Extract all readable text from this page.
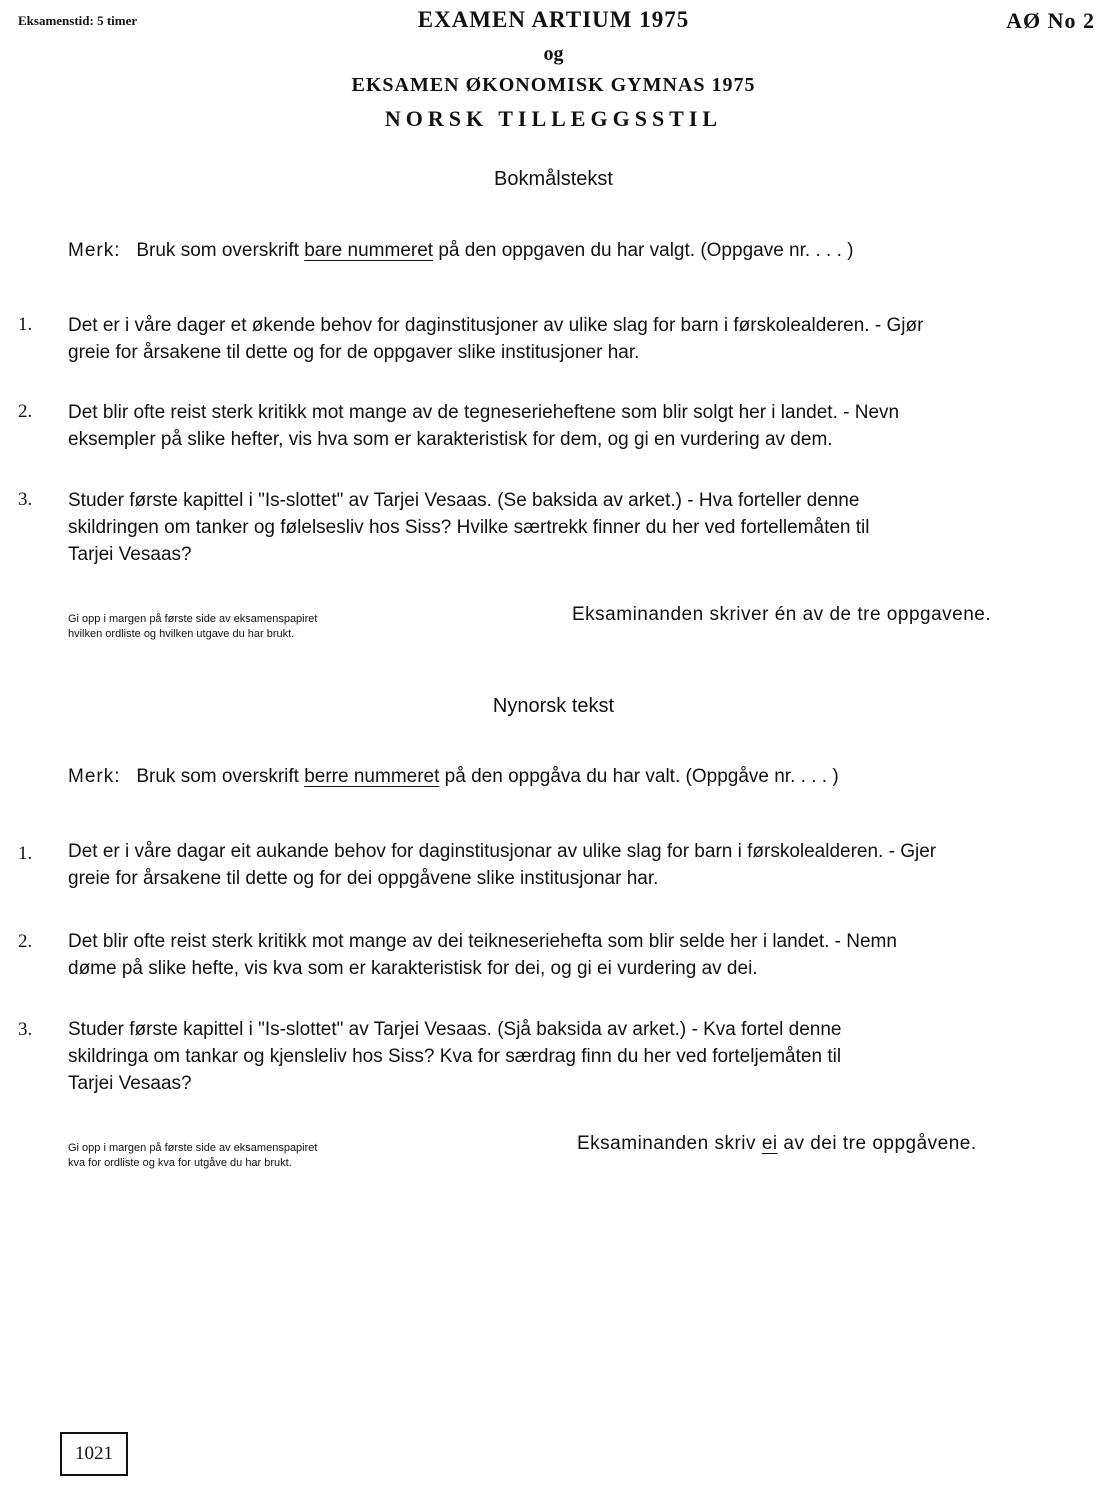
Eksamenstid: 5 timer	AØ No 2
EXAMEN ARTIUM 1975
og
EKSAMEN ØKONOMISK GYMNAS 1975
NORSK TILLEGGSSTIL
Bokmålstekst
Merk: Bruk som overskrift bare nummeret på den oppgaven du har valgt. (Oppgave nr. . . . )
1. Det er i våre dager et økende behov for daginstitusjoner av ulike slag for barn i førskolealderen. - Gjør
greie for årsakene til dette og for de oppgaver slike institusjoner har.
2. Det blir ofte reist sterk kritikk mot mange av de tegneserieheftene som blir solgt her i landet. - Nevn
eksempler på slike hefter, vis hva som er karakteristisk for dem, og gi en vurdering av dem.
3. Studer første kapittel i "Is-slottet" av Tarjei Vesaas. (Se baksida av arket.) - Hva forteller denne
skildringen om tanker og følelsesliv hos Siss? Hvilke særtrekk finner du her ved fortellemåten til
Tarjei Vesaas?
Gi opp i margen på første side av eksamenspapiret
hvilken ordliste og hvilken utgave du har brukt.
Eksaminanden skriver én av de tre oppgavene.
Nynorsk tekst
Merk: Bruk som overskrift berre nummeret på den oppgåva du har valt. (Oppgåve nr. . . . )
1. Det er i våre dagar eit aukande behov for daginstitusjonar av ulike slag for barn i førskolealderen. - Gjer
greie for årsakene til dette og for dei oppgåvene slike institusjonar har.
2. Det blir ofte reist sterk kritikk mot mange av dei teikneseriehefta som blir selde her i landet. - Nemn
døme på slike hefte, vis kva som er karakteristisk for dei, og gi ei vurdering av dei.
3. Studer første kapittel i "Is-slottet" av Tarjei Vesaas. (Sjå baksida av arket.) - Kva fortel denne
skildringa om tankar og kjensleliv hos Siss? Kva for særdrag finn du her ved forteljemåten til
Tarjei Vesaas?
Gi opp i margen på første side av eksamenspapiret
kva for ordliste og kva for utgåve du har brukt.
Eksaminanden skriv ei av dei tre oppgåvene.
1021
